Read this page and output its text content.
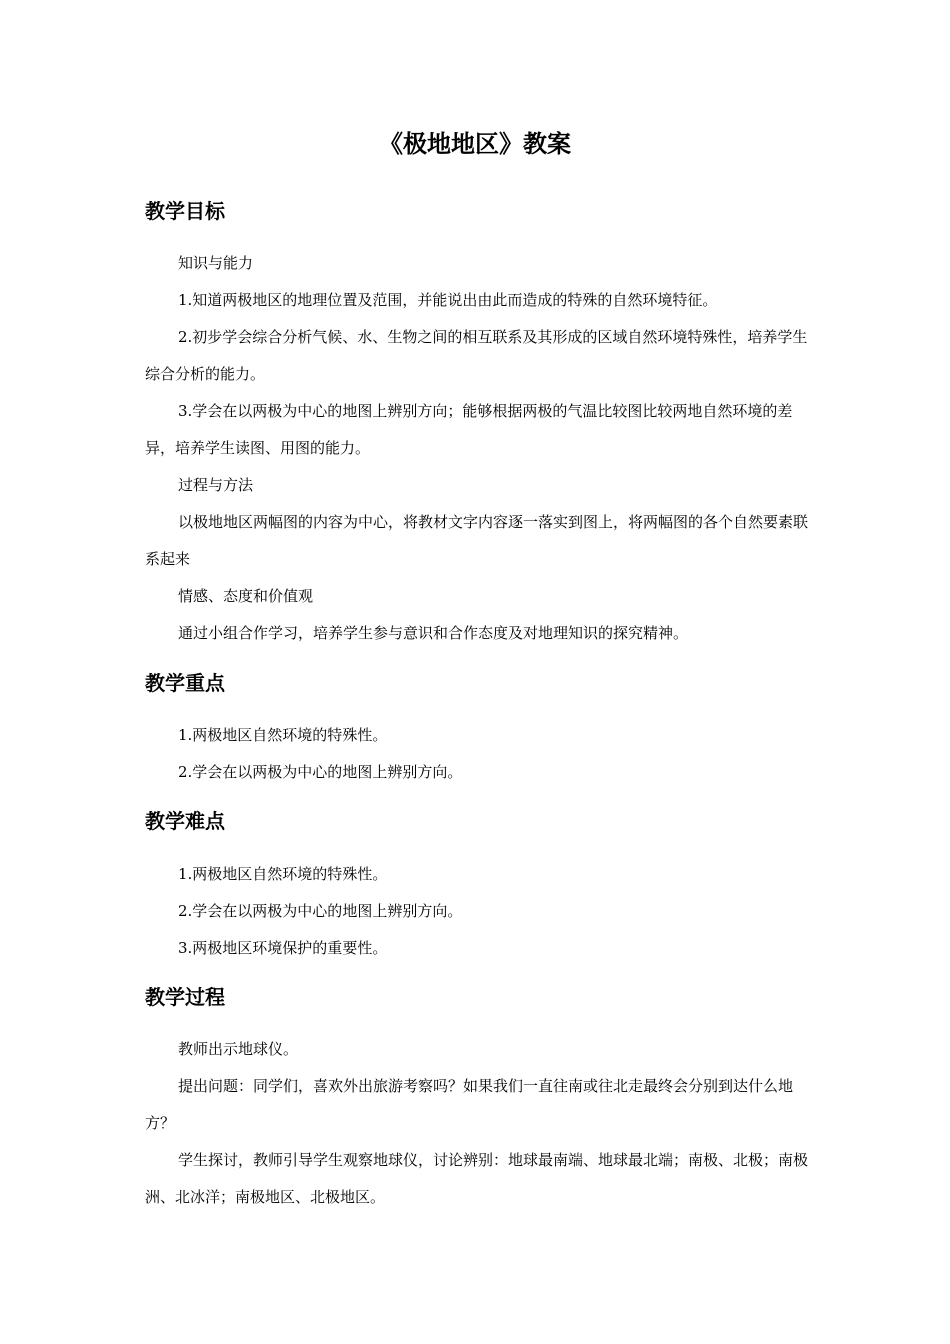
《极地地区》教案
教学目标

知识与能力

1.知道两极地区的地理位置及范围，并能说出由此而造成的特殊的自然环境特征。

2.初步学会综合分析气候、水、生物之间的相互联系及其形成的区域自然环境特殊性，培养学生综合分析的能力。

3.学会在以两极为中心的地图上辨别方向；能够根据两极的气温比较图比较两地自然环境的差异，培养学生读图、用图的能力。

过程与方法

以极地地区两幅图的内容为中心，将教材文字内容逐一落实到图上，将两幅图的各个自然要素联系起来

情感、态度和价值观

通过小组合作学习，培养学生参与意识和合作态度及对地理知识的探究精神。

教学重点

1.两极地区自然环境的特殊性。

2.学会在以两极为中心的地图上辨别方向。

教学难点

1.两极地区自然环境的特殊性。

2.学会在以两极为中心的地图上辨别方向。

3.两极地区环境保护的重要性。

教学过程

教师出示地球仪。

提出问题：同学们，喜欢外出旅游考察吗？如果我们一直往南或往北走最终会分别到达什么地方？

学生探讨，教师引导学生观察地球仪，讨论辨别：地球最南端、地球最北端；南极、北极；南极洲、北冰洋；南极地区、北极地区。
